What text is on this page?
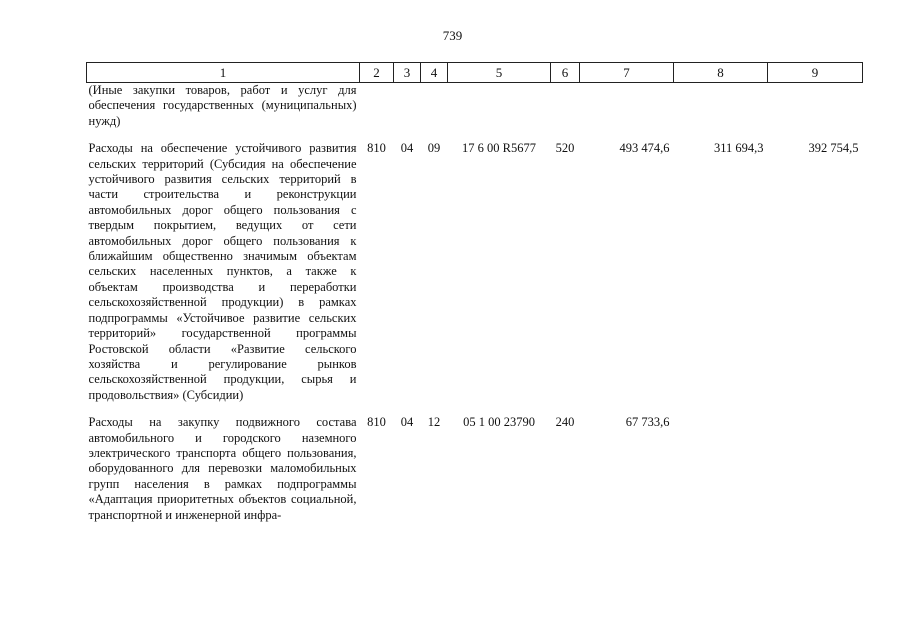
739
1	2	3	4	5	6	7	8	9
(Иные закупки товаров, работ и услуг для обеспечения государственных (муниципальных) нужд)								

Расходы на обеспечение устойчивого развития сельских территорий (Субсидия на обеспечение устойчивого развития сельских территорий в части строительства и реконструкции автомобильных дорог общего пользования с твердым покрытием, ведущих от сети автомобильных дорог общего пользования к ближайшим общественно значимым объектам сельских населенных пунктов, а также к объектам производства и переработки сельскохозяйственной продукции) в рамках подпрограммы «Устойчивое развитие сельских территорий» государственной программы Ростовской области «Развитие сельского хозяйства и регулирование рынков сельскохозяйственной продукции, сырья и продовольствия» (Субсидии)	810	04	09	17 6 00 R5677	520	493 474,6	311 694,3	392 754,5

Расходы на закупку подвижного состава автомобильного и городского наземного электрического транспорта общего пользования, оборудованного для перевозки маломобильных групп населения в рамках подпрограммы «Адаптация приоритетных объектов социальной, транспортной и инженерной инфра-	810	04	12	05 1 00 23790	240	67 733,6		
